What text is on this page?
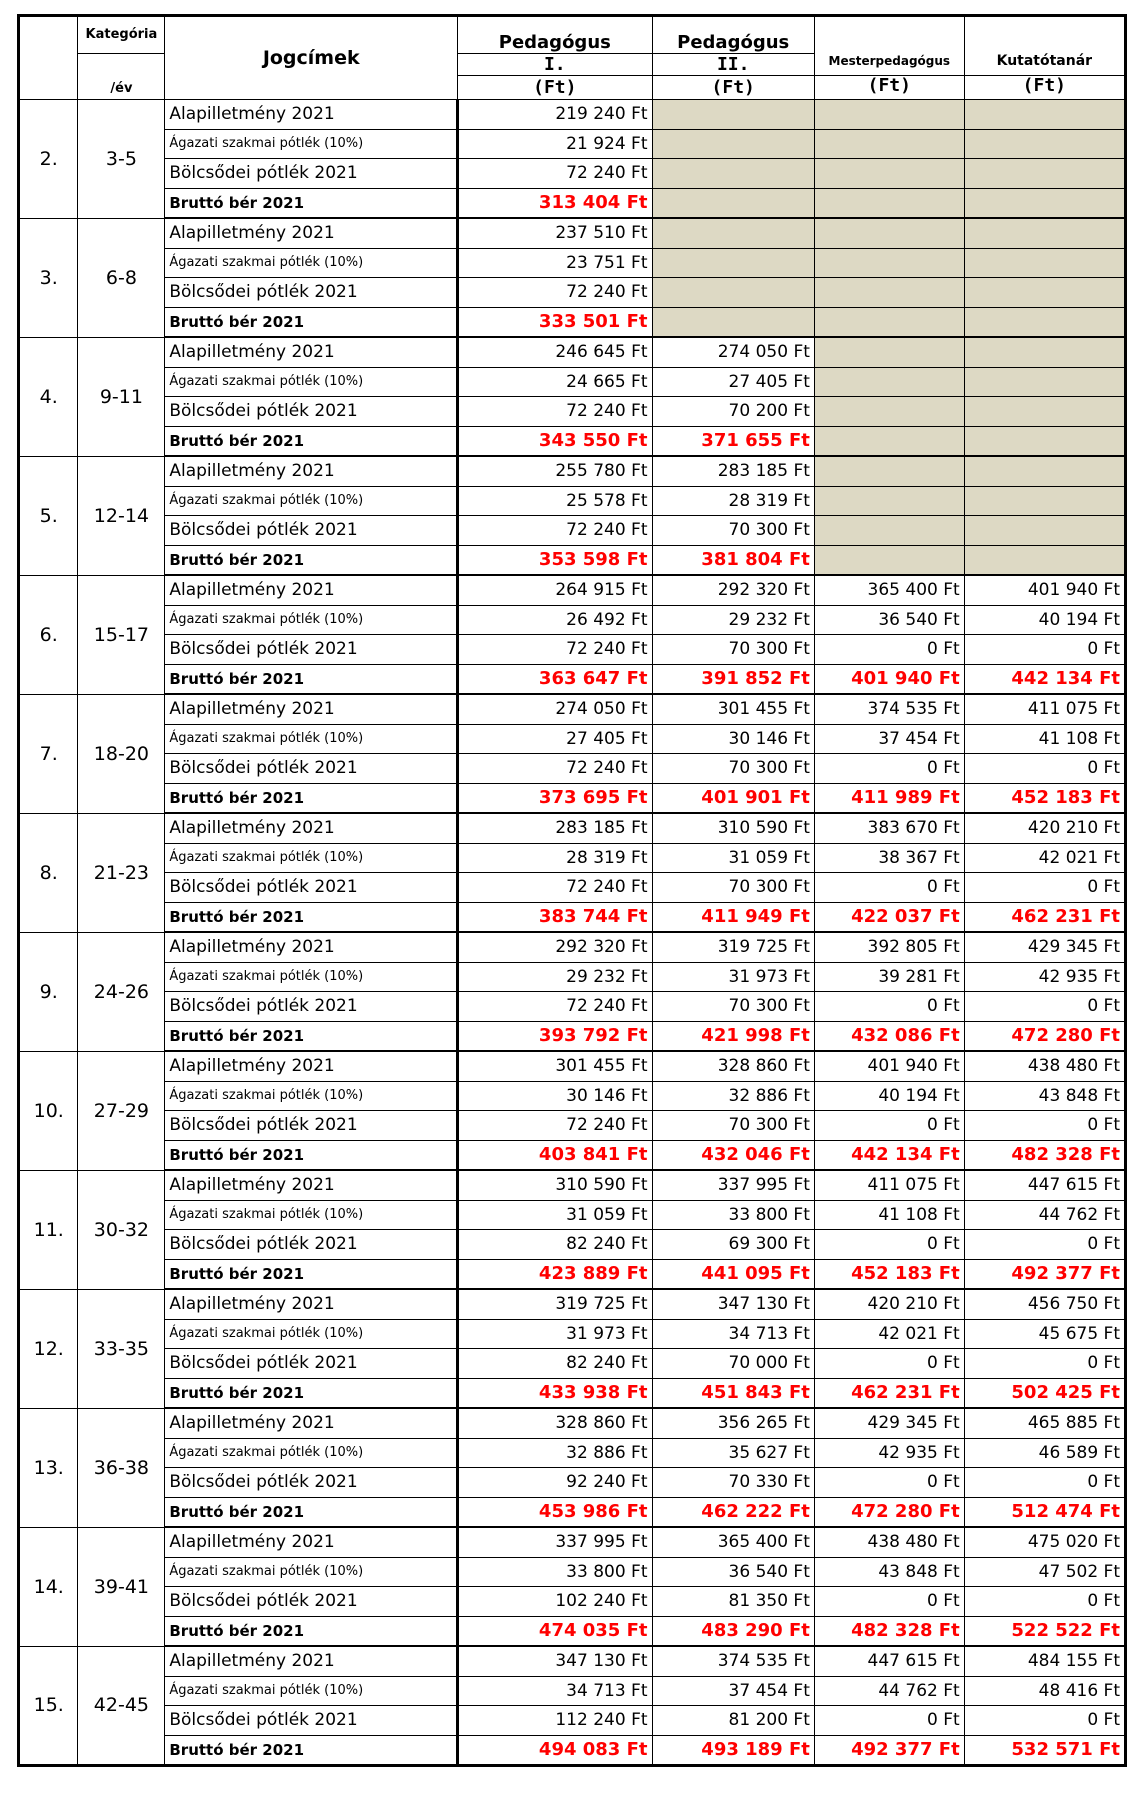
	Kategória	Jogcímek	Pedagógus	Pedagógus	Mesterpedagógus	Kutatótanár
	/év		I.	II.		
			(Ft)	(Ft)	(Ft)	(Ft)
2.	3-5	Alapilletmény 2021	219 240 Ft			
		Ágazati szakmai pótlék (10%)	21 924 Ft			
		Bölcsődei pótlék 2021	72 240 Ft			
		Bruttó bér 2021	313 404 Ft			
3.	6-8	Alapilletmény 2021	237 510 Ft			
		Ágazati szakmai pótlék (10%)	23 751 Ft			
		Bölcsődei pótlék 2021	72 240 Ft			
		Bruttó bér 2021	333 501 Ft			
4.	9-11	Alapilletmény 2021	246 645 Ft	274 050 Ft		
		Ágazati szakmai pótlék (10%)	24 665 Ft	27 405 Ft		
		Bölcsődei pótlék 2021	72 240 Ft	70 200 Ft		
		Bruttó bér 2021	343 550 Ft	371 655 Ft		
5.	12-14	Alapilletmény 2021	255 780 Ft	283 185 Ft		
		Ágazati szakmai pótlék (10%)	25 578 Ft	28 319 Ft		
		Bölcsődei pótlék 2021	72 240 Ft	70 300 Ft		
		Bruttó bér 2021	353 598 Ft	381 804 Ft		
6.	15-17	Alapilletmény 2021	264 915 Ft	292 320 Ft	365 400 Ft	401 940 Ft
		Ágazati szakmai pótlék (10%)	26 492 Ft	29 232 Ft	36 540 Ft	40 194 Ft
		Bölcsődei pótlék 2021	72 240 Ft	70 300 Ft	0 Ft	0 Ft
		Bruttó bér 2021	363 647 Ft	391 852 Ft	401 940 Ft	442 134 Ft
7.	18-20	Alapilletmény 2021	274 050 Ft	301 455 Ft	374 535 Ft	411 075 Ft
		Ágazati szakmai pótlék (10%)	27 405 Ft	30 146 Ft	37 454 Ft	41 108 Ft
		Bölcsődei pótlék 2021	72 240 Ft	70 300 Ft	0 Ft	0 Ft
		Bruttó bér 2021	373 695 Ft	401 901 Ft	411 989 Ft	452 183 Ft
8.	21-23	Alapilletmény 2021	283 185 Ft	310 590 Ft	383 670 Ft	420 210 Ft
		Ágazati szakmai pótlék (10%)	28 319 Ft	31 059 Ft	38 367 Ft	42 021 Ft
		Bölcsődei pótlék 2021	72 240 Ft	70 300 Ft	0 Ft	0 Ft
		Bruttó bér 2021	383 744 Ft	411 949 Ft	422 037 Ft	462 231 Ft
9.	24-26	Alapilletmény 2021	292 320 Ft	319 725 Ft	392 805 Ft	429 345 Ft
		Ágazati szakmai pótlék (10%)	29 232 Ft	31 973 Ft	39 281 Ft	42 935 Ft
		Bölcsődei pótlék 2021	72 240 Ft	70 300 Ft	0 Ft	0 Ft
		Bruttó bér 2021	393 792 Ft	421 998 Ft	432 086 Ft	472 280 Ft
10.	27-29	Alapilletmény 2021	301 455 Ft	328 860 Ft	401 940 Ft	438 480 Ft
		Ágazati szakmai pótlék (10%)	30 146 Ft	32 886 Ft	40 194 Ft	43 848 Ft
		Bölcsődei pótlék 2021	72 240 Ft	70 300 Ft	0 Ft	0 Ft
		Bruttó bér 2021	403 841 Ft	432 046 Ft	442 134 Ft	482 328 Ft
11.	30-32	Alapilletmény 2021	310 590 Ft	337 995 Ft	411 075 Ft	447 615 Ft
		Ágazati szakmai pótlék (10%)	31 059 Ft	33 800 Ft	41 108 Ft	44 762 Ft
		Bölcsődei pótlék 2021	82 240 Ft	69 300 Ft	0 Ft	0 Ft
		Bruttó bér 2021	423 889 Ft	441 095 Ft	452 183 Ft	492 377 Ft
12.	33-35	Alapilletmény 2021	319 725 Ft	347 130 Ft	420 210 Ft	456 750 Ft
		Ágazati szakmai pótlék (10%)	31 973 Ft	34 713 Ft	42 021 Ft	45 675 Ft
		Bölcsődei pótlék 2021	82 240 Ft	70 000 Ft	0 Ft	0 Ft
		Bruttó bér 2021	433 938 Ft	451 843 Ft	462 231 Ft	502 425 Ft
13.	36-38	Alapilletmény 2021	328 860 Ft	356 265 Ft	429 345 Ft	465 885 Ft
		Ágazati szakmai pótlék (10%)	32 886 Ft	35 627 Ft	42 935 Ft	46 589 Ft
		Bölcsődei pótlék 2021	92 240 Ft	70 330 Ft	0 Ft	0 Ft
		Bruttó bér 2021	453 986 Ft	462 222 Ft	472 280 Ft	512 474 Ft
14.	39-41	Alapilletmény 2021	337 995 Ft	365 400 Ft	438 480 Ft	475 020 Ft
		Ágazati szakmai pótlék (10%)	33 800 Ft	36 540 Ft	43 848 Ft	47 502 Ft
		Bölcsődei pótlék 2021	102 240 Ft	81 350 Ft	0 Ft	0 Ft
		Bruttó bér 2021	474 035 Ft	483 290 Ft	482 328 Ft	522 522 Ft
15.	42-45	Alapilletmény 2021	347 130 Ft	374 535 Ft	447 615 Ft	484 155 Ft
		Ágazati szakmai pótlék (10%)	34 713 Ft	37 454 Ft	44 762 Ft	48 416 Ft
		Bölcsődei pótlék 2021	112 240 Ft	81 200 Ft	0 Ft	0 Ft
		Bruttó bér 2021	494 083 Ft	493 189 Ft	492 377 Ft	532 571 Ft
